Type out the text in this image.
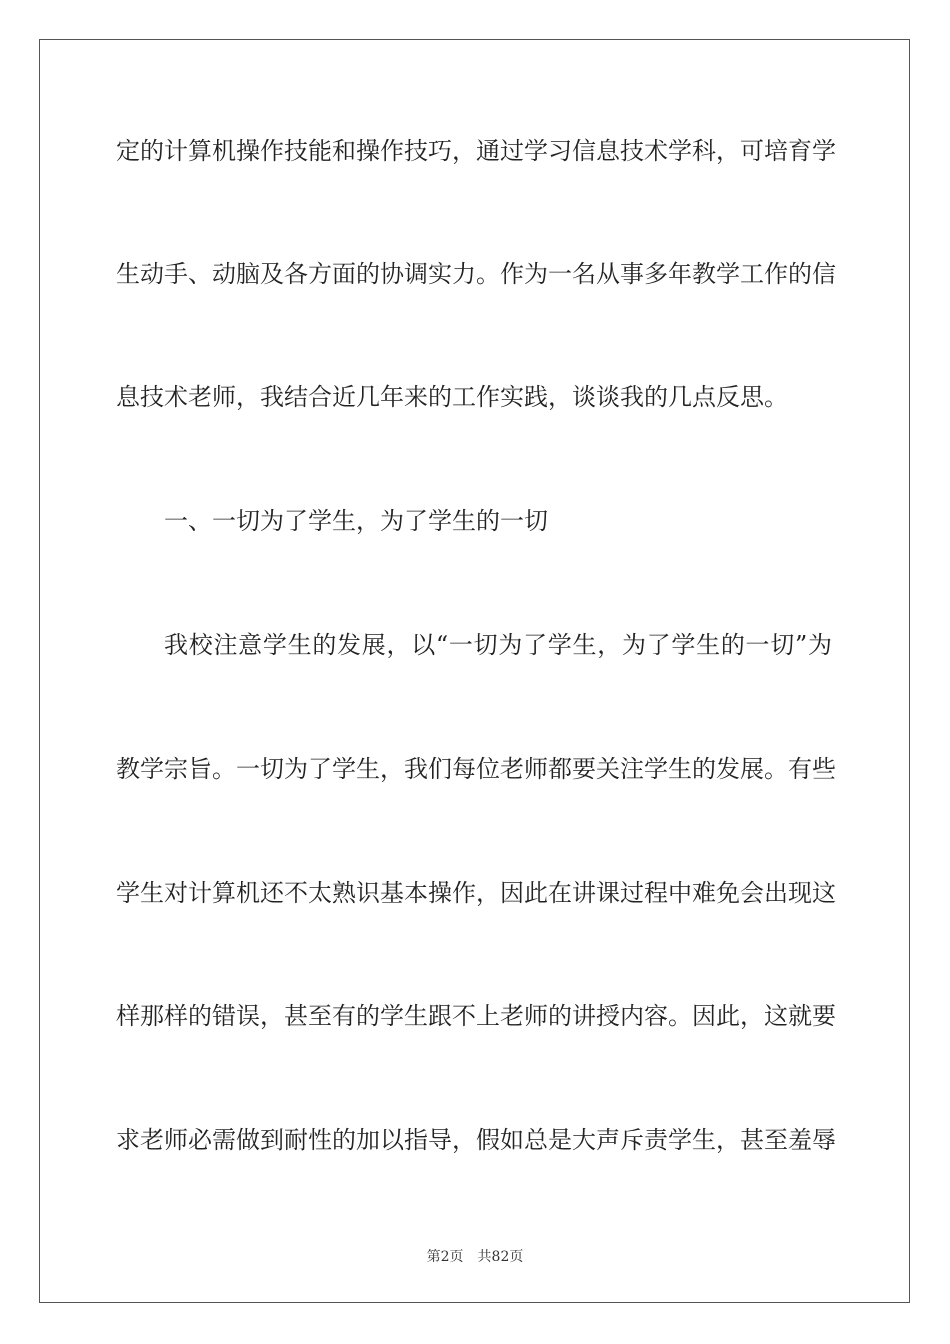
定的计算机操作技能和操作技巧，通过学习信息技术学科，可培育学
生动手、动脑及各方面的协调实力。作为一名从事多年教学工作的信
息技术老师，我结合近几年来的工作实践，谈谈我的几点反思。
一、一切为了学生，为了学生的一切
我校注意学生的发展，以“一切为了学生，为了学生的一切”为
教学宗旨。一切为了学生，我们每位老师都要关注学生的发展。有些
学生对计算机还不太熟识基本操作，因此在讲课过程中难免会出现这
样那样的错误，甚至有的学生跟不上老师的讲授内容。因此，这就要
求老师必需做到耐性的加以指导，假如总是大声斥责学生，甚至羞辱
第2页 共82页
